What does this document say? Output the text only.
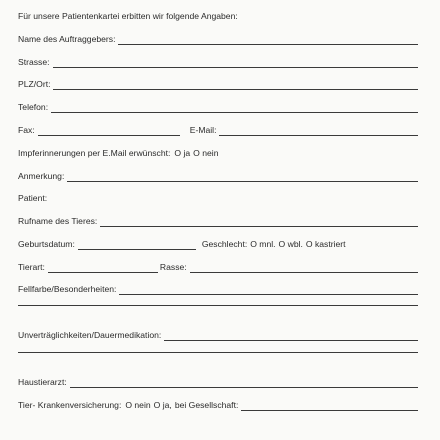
Für unsere Patientenkartei erbitten wir folgende Angaben:
Name des Auftraggebers:
Strasse:
PLZ/Ort:
Telefon:
Fax:	E-Mail:
Impferinnerungen per E.Mail erwünscht: O ja O nein
Anmerkung:
Patient:
Rufname des Tieres:
Geburtsdatum:	Geschlecht: O mnl. O wbl. O kastriert
Tierart:	Rasse:
Fellfarbe/Besonderheiten:
Unverträglichkeiten/Dauermedikation:
Haustierarzt:
Tier- Krankenversicherung: O nein O ja, bei Gesellschaft:
